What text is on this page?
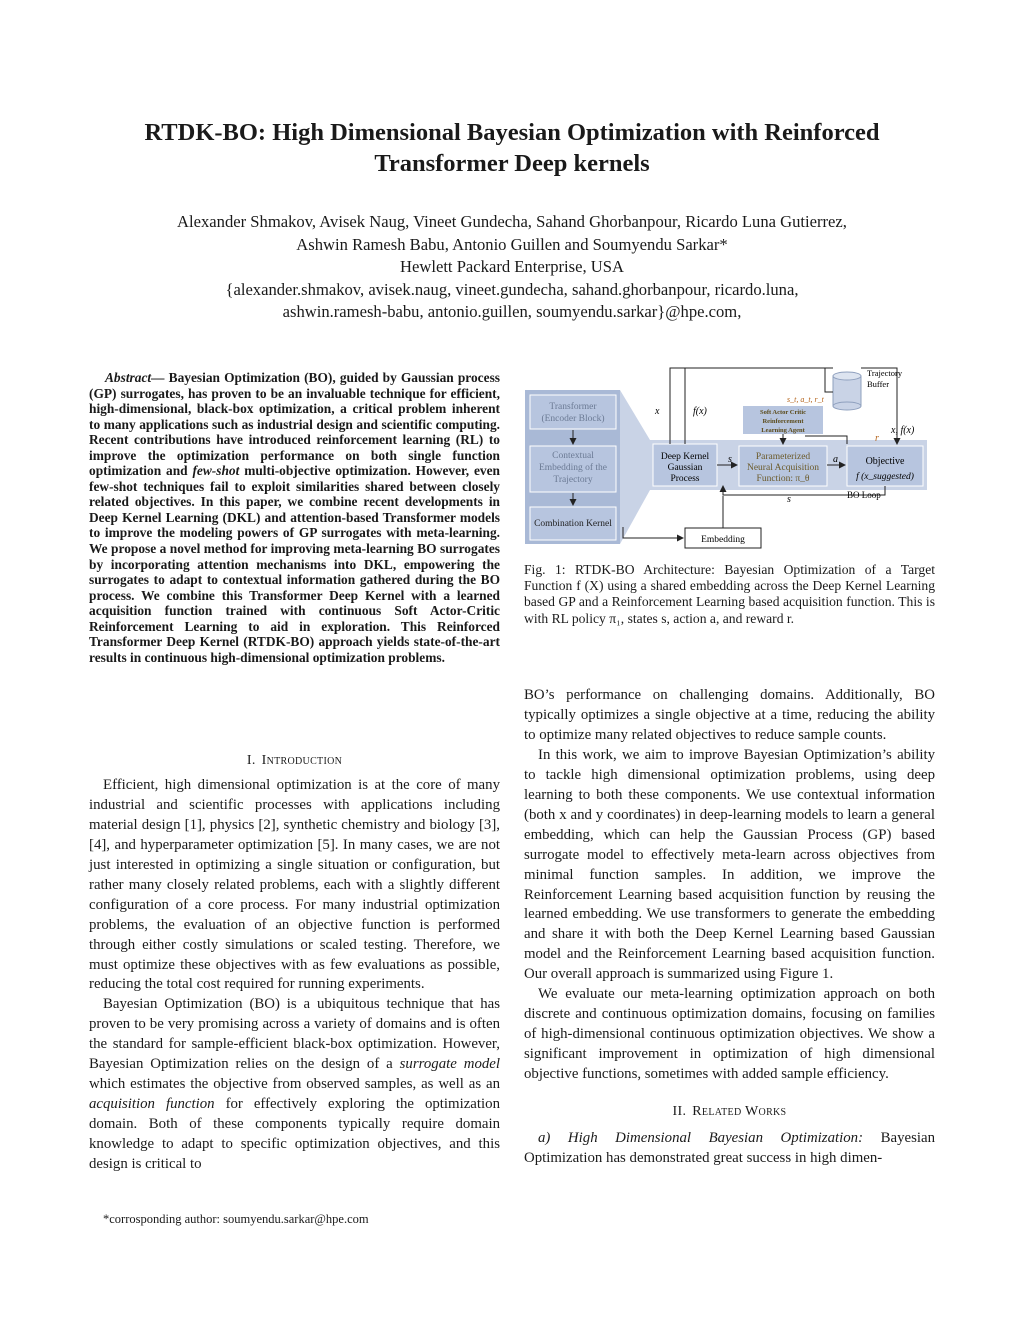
RTDK-BO: High Dimensional Bayesian Optimization with Reinforced
Transformer Deep kernels
Alexander Shmakov, Avisek Naug, Vineet Gundecha, Sahand Ghorbanpour, Ricardo Luna Gutierrez,
Ashwin Ramesh Babu, Antonio Guillen and Soumyendu Sarkar*
Hewlett Packard Enterprise, USA
{alexander.shmakov, avisek.naug, vineet.gundecha, sahand.ghorbanpour, ricardo.luna,
ashwin.ramesh-babu, antonio.guillen, soumyendu.sarkar}@hpe.com,
Abstract— Bayesian Optimization (BO), guided by Gaussian process (GP) surrogates, has proven to be an invaluable technique for efficient, high-dimensional, black-box optimization, a critical problem inherent to many applications such as industrial design and scientific computing. Recent contributions have introduced reinforcement learning (RL) to improve the optimization performance on both single function optimization and few-shot multi-objective optimization. However, even few-shot techniques fail to exploit similarities shared between closely related objectives. In this paper, we combine recent developments in Deep Kernel Learning (DKL) and attention-based Transformer models to improve the modeling powers of GP surrogates with meta-learning. We propose a novel method for improving meta-learning BO surrogates by incorporating attention mechanisms into DKL, empowering the surrogates to adapt to contextual information gathered during the BO process. We combine this Transformer Deep Kernel with a learned acquisition function trained with continuous Soft Actor-Critic Reinforcement Learning to aid in exploration. This Reinforced Transformer Deep Kernel (RTDK-BO) approach yields state-of-the-art results in continuous high-dimensional optimization problems.

I. Introduction

Efficient, high dimensional optimization is at the core of many industrial and scientific processes with applications including material design [1], physics [2], synthetic chemistry and biology [3], [4], and hyperparameter optimization [5]. In many cases, we are not just interested in optimizing a single situation or configuration, but rather many closely related problems, each with a slightly different configuration of a core process. For many industrial optimization problems, the evaluation of an objective function is performed through either costly simulations or scaled testing. Therefore, we must optimize these objectives with as few evaluations as possible, reducing the total cost required for running experiments.

Bayesian Optimization (BO) is a ubiquitous technique that has proven to be very promising across a variety of domains and is often the standard for sample-efficient black-box optimization. However, Bayesian Optimization relies on the design of a surrogate model which estimates the objective from observed samples, as well as an acquisition function for effectively exploring the optimization domain. Both of these components typically require domain knowledge to adapt to specific optimization objectives, and this design is critical to

*corrosponding author: soumyendu.sarkar@hpe.com
Transformer
(Encoder Block)
Contextual
Embedding of the
Trajectory
Combination Kernel
Deep Kernel
Gaussian
Process
Soft Actor Critic
Reinforcement
Learning Agent
Parameterized
Neural Acquisition
Function: π_θ
Objective
f (x_suggested)
Trajectory
Buffer
Embedding
x	f(x)
s	a
r
s
x, f(x)
s_t, a_t, r_t
BO Loop
Fig. 1: RTDK-BO Architecture: Bayesian Optimization of a Target Function f (X) using a shared embedding across the Deep Kernel Learning based GP and a Reinforcement Learning based acquisition function. This is with RL policy π₁, states s, action a, and reward r.

BO’s performance on challenging domains. Additionally, BO typically optimizes a single objective at a time, reducing the ability to optimize many related objectives to reduce sample counts.

In this work, we aim to improve Bayesian Optimization’s ability to tackle high dimensional optimization problems, using deep learning to both these components. We use contextual information (both x and y coordinates) in deep-learning models to learn a general embedding, which can help the Gaussian Process (GP) based surrogate model to effectively meta-learn across objectives from minimal function samples. In addition, we improve the Reinforcement Learning based acquisition function by reusing the learned embedding. We use transformers to generate the embedding and share it with both the Deep Kernel Learning based Gaussian model and the Reinforcement Learning based acquisition function. Our overall approach is summarized using Figure 1.

We evaluate our meta-learning optimization approach on both discrete and continuous optimization domains, focusing on families of high-dimensional continuous optimization objectives. We show a significant improvement in optimization of high dimensional objective functions, sometimes with added sample efficiency.

II. Related Works

a) High Dimensional Bayesian Optimization: Bayesian Optimization has demonstrated great success in high dimen-
